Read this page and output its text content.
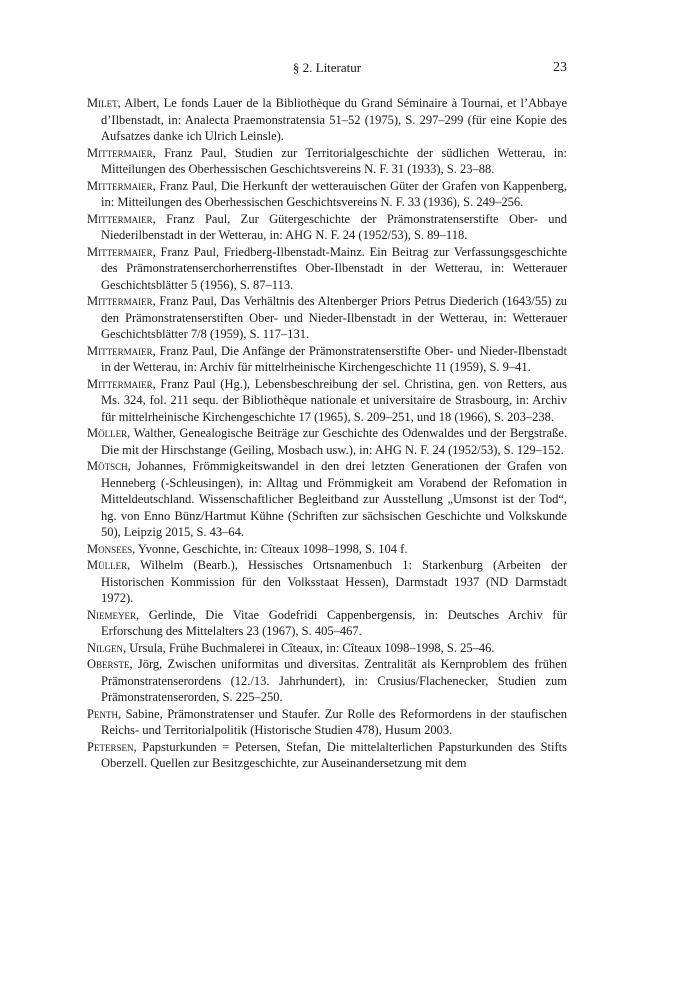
§ 2. Literatur	23

Milet, Albert, Le fonds Lauer de la Bibliothèque du Grand Séminaire à Tournai, et l’Abbaye d’Ilbenstadt, in: Analecta Praemonstratensia 51–52 (1975), S. 297–299 (für eine Kopie des Aufsatzes danke ich Ulrich Leinsle).

Mittermaier, Franz Paul, Studien zur Territorialgeschichte der südlichen Wetterau, in: Mitteilungen des Oberhessischen Geschichtsvereins N. F. 31 (1933), S. 23–88.

Mittermaier, Franz Paul, Die Herkunft der wetterauischen Güter der Grafen von Kappenberg, in: Mitteilungen des Oberhessischen Geschichtsvereins N. F. 33 (1936), S. 249–256.

Mittermaier, Franz Paul, Zur Gütergeschichte der Prämonstratenserstifte Ober- und Niederilbenstadt in der Wetterau, in: AHG N. F. 24 (1952/53), S. 89–118.

Mittermaier, Franz Paul, Friedberg-Ilbenstadt-Mainz. Ein Beitrag zur Verfassungsgeschichte des Prämonstratenserchorherrenstiftes Ober-Ilbenstadt in der Wetterau, in: Wetterauer Geschichtsblätter 5 (1956), S. 87–113.

Mittermaier, Franz Paul, Das Verhältnis des Altenberger Priors Petrus Diederich (1643/55) zu den Prämonstratenserstiften Ober- und Nieder-Ilbenstadt in der Wetterau, in: Wetterauer Geschichtsblätter 7/8 (1959), S. 117–131.

Mittermaier, Franz Paul, Die Anfänge der Prämonstratenserstifte Ober- und Nieder-Ilbenstadt in der Wetterau, in: Archiv für mittelrheinische Kirchengeschichte 11 (1959), S. 9–41.

Mittermaier, Franz Paul (Hg.), Lebensbeschreibung der sel. Christina, gen. von Retters, aus Ms. 324, fol. 211 sequ. der Bibliothèque nationale et universitaire de Strasbourg, in: Archiv für mittelrheinische Kirchengeschichte 17 (1965), S. 209–251, und 18 (1966), S. 203–238.

Möller, Walther, Genealogische Beiträge zur Geschichte des Odenwaldes und der Bergstraße. Die mit der Hirschstange (Geiling, Mosbach usw.), in: AHG N. F. 24 (1952/53), S. 129–152.

Mötsch, Johannes, Frömmigkeitswandel in den drei letzten Generationen der Grafen von Henneberg (-Schleusingen), in: Alltag und Frömmigkeit am Vorabend der Refomation in Mitteldeutschland. Wissenschaftlicher Begleitband zur Ausstellung „Umsonst ist der Tod“, hg. von Enno Bünz/Hartmut Kühne (Schriften zur sächsischen Geschichte und Volkskunde 50), Leipzig 2015, S. 43–64.

Monsees, Yvonne, Geschichte, in: Cîteaux 1098–1998, S. 104 f.

Müller, Wilhelm (Bearb.), Hessisches Ortsnamenbuch 1: Starkenburg (Arbeiten der Historischen Kommission für den Volksstaat Hessen), Darmstadt 1937 (ND Darmstadt 1972).

Niemeyer, Gerlinde, Die Vitae Godefridi Cappenbergensis, in: Deutsches Archiv für Erforschung des Mittelalters 23 (1967), S. 405–467.

Nilgen, Ursula, Frühe Buchmalerei in Cîteaux, in: Cîteaux 1098–1998, S. 25–46.

Oberste, Jörg, Zwischen uniformitas und diversitas. Zentralität als Kernproblem des frühen Prämonstratenserordens (12./13. Jahrhundert), in: Crusius/Flachenecker, Studien zum Prämonstratenserorden, S. 225–250.

Penth, Sabine, Prämonstratenser und Staufer. Zur Rolle des Reformordens in der staufischen Reichs- und Territorialpolitik (Historische Studien 478), Husum 2003.

Petersen, Papsturkunden = Petersen, Stefan, Die mittelalterlichen Papsturkunden des Stifts Oberzell. Quellen zur Besitzgeschichte, zur Auseinandersetzung mit dem
